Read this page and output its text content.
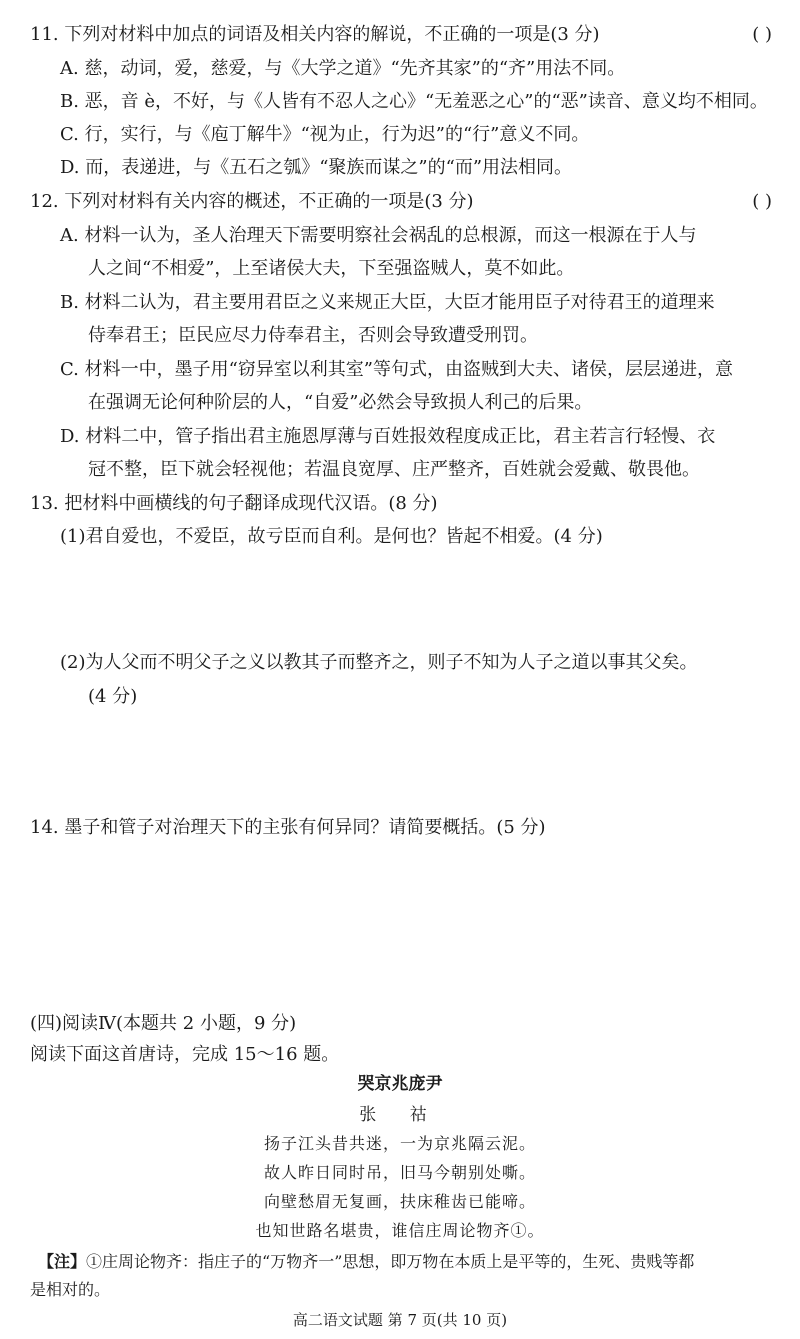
11. 下列对材料中加点的词语及相关内容的解说，不正确的一项是(3 分)	( )
A. 慈，动词，爱，慈爱，与《大学之道》“先齐其家”的“齐”用法不同。
B. 恶，音 è，不好，与《人皆有不忍人之心》“无羞恶之心”的“恶”读音、意义均不相同。
C. 行，实行，与《庖丁解牛》“视为止，行为迟”的“行”意义不同。
D. 而，表递进，与《五石之瓠》“聚族而谋之”的“而”用法相同。
12. 下列对材料有关内容的概述，不正确的一项是(3 分)	( )
A. 材料一认为，圣人治理天下需要明察社会祸乱的总根源，而这一根源在于人与
人之间“不相爱”，上至诸侯大夫，下至强盗贼人，莫不如此。
B. 材料二认为，君主要用君臣之义来规正大臣，大臣才能用臣子对待君王的道理来
侍奉君王；臣民应尽力侍奉君主，否则会导致遭受刑罚。
C. 材料一中，墨子用“窃异室以利其室”等句式，由盗贼到大夫、诸侯，层层递进，意
在强调无论何种阶层的人，“自爱”必然会导致损人利己的后果。
D. 材料二中，管子指出君主施恩厚薄与百姓报效程度成正比，君主若言行轻慢、衣
冠不整，臣下就会轻视他；若温良宽厚、庄严整齐，百姓就会爱戴、敬畏他。
13. 把材料中画横线的句子翻译成现代汉语。(8 分)
(1)君自爱也，不爱臣，故亏臣而自利。是何也？皆起不相爱。(4 分)
(2)为人父而不明父子之义以教其子而整齐之，则子不知为人子之道以事其父矣。
(4 分)
14. 墨子和管子对治理天下的主张有何异同？请简要概括。(5 分)
(四)阅读Ⅳ(本题共 2 小题，9 分)
阅读下面这首唐诗，完成 15～16 题。
哭京兆庞尹
张 祜
扬子江头昔共迷，一为京兆隔云泥。
故人昨日同时吊，旧马今朝别处嘶。
向壁愁眉无复画，扶床稚齿已能啼。
也知世路名堪贵，谁信庄周论物齐①。
【注】①庄周论物齐：指庄子的“万物齐一”思想，即万物在本质上是平等的，生死、贵贱等都
是相对的。
高二语文试题 第 7 页(共 10 页)
